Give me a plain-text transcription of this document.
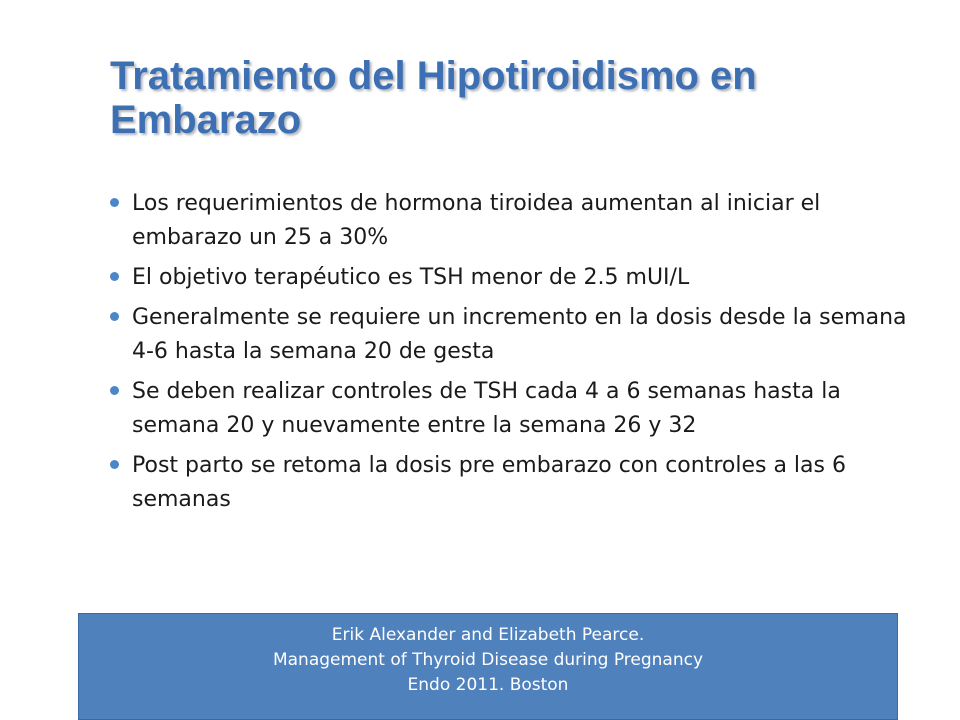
Tratamiento del Hipotiroidismo en Embarazo
Los requerimientos de hormona tiroidea aumentan al iniciar el embarazo un 25 a 30%
El objetivo terapéutico es TSH menor de 2.5 mUI/L
Generalmente se requiere un incremento en la dosis desde la semana 4-6 hasta la semana 20 de gesta
Se deben realizar controles de TSH cada 4 a 6 semanas hasta la semana 20 y nuevamente entre la semana 26 y 32
Post parto se retoma la dosis pre embarazo con controles a las 6 semanas
Erik Alexander and Elizabeth Pearce.
Management of Thyroid Disease during Pregnancy
Endo 2011. Boston
